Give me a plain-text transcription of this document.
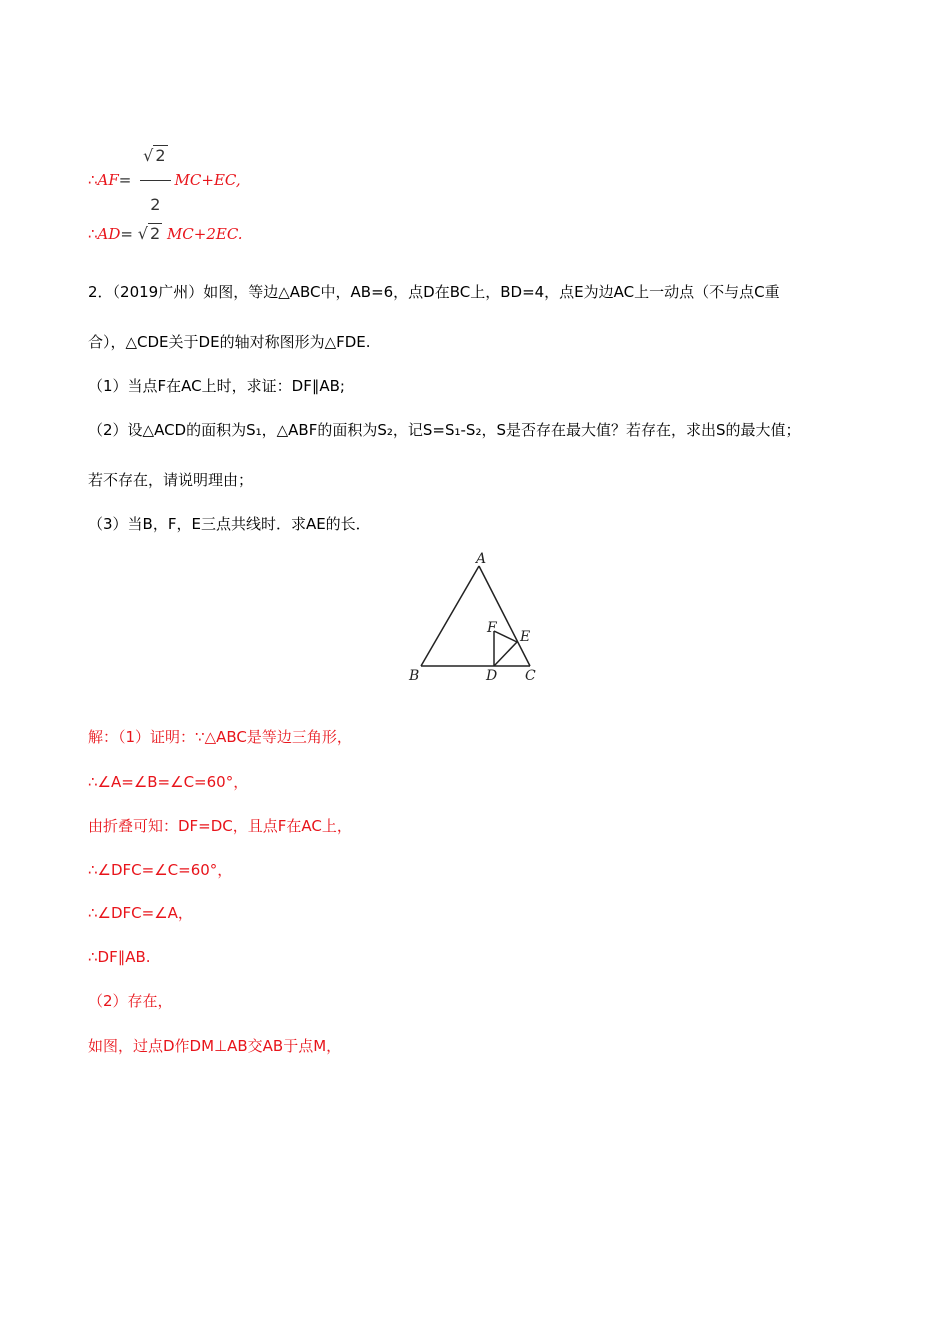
∴AF= $\frac{√ 2}{2} MC+EC$,
∴AD= √ 2 MC+2EC.
2．（2019广州）如图，等边△ABC中，AB=6，点D在BC上，BD=4，点E为边AC上一动点（不与点C重
合），△CDE关于DE的轴对称图形为△FDE.
（1）当点F在AC上时，求证：DF∥AB;
（2）设△ACD的面积为S₁，△ABF的面积为S₂，记S=S₁-S₂，S是否存在最大值？若存在，求出S的最大值；
若不存在，请说明理由；
（3）当B，F，E三点共线时．求AE的长．
A
B	C
D
E
F
解：（1）证明：∵△ABC是等边三角形，
∴∠A=∠B=∠C=60°，
由折叠可知：DF=DC，且点F在AC上，
∴∠DFC=∠C=60°，
∴∠DFC=∠A，
∴DF∥AB.
（2）存在，
如图，过点D作DM⊥AB交AB于点M，
